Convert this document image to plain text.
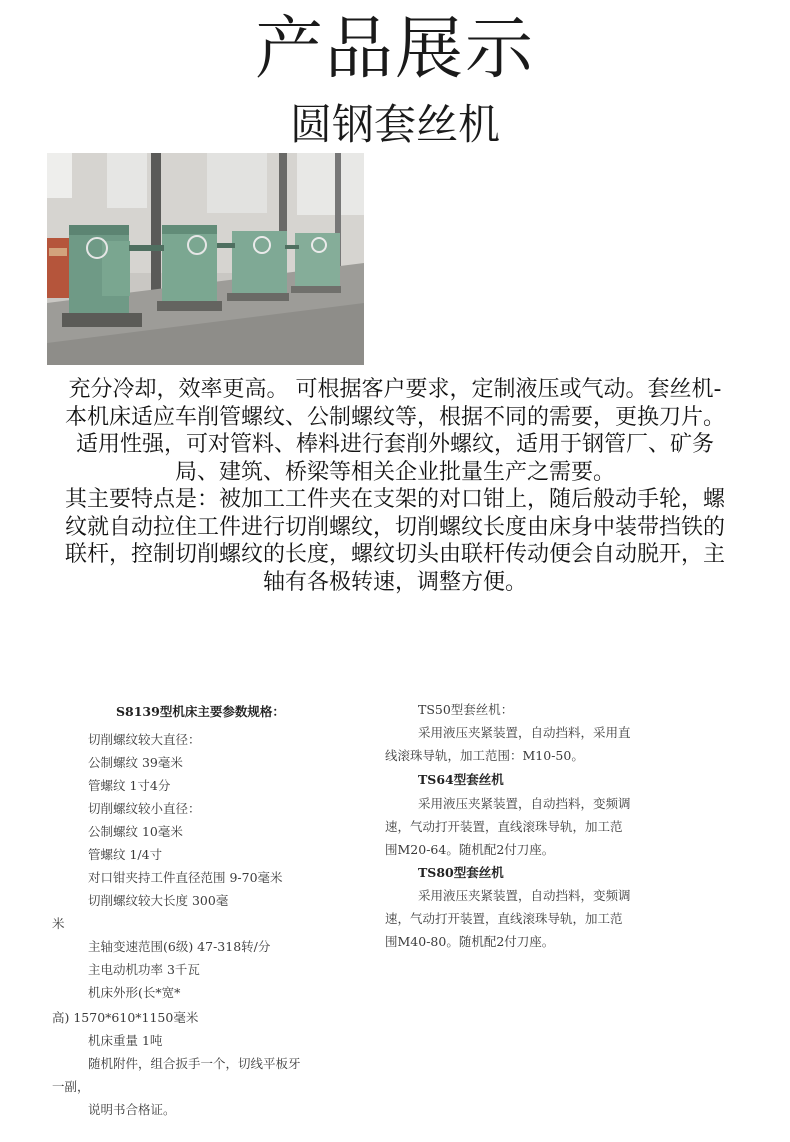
产品展示
圆钢套丝机

充分冷却，效率更高。 可根据客户要求，定制液压或气动。套丝机-本机床适应车削管螺纹、公制螺纹等，根据不同的需要，更换刀片。适用性强，可对管料、棒料进行套削外螺纹，适用于钢管厂、矿务局、建筑、桥梁等相关企业批量生产之需要。

其主要特点是：被加工工件夹在支架的对口钳上，随后般动手轮，螺纹就自动拉住工件进行切削螺纹，切削螺纹长度由床身中装带挡铁的联杆，控制切削螺纹的长度，螺纹切头由联杆传动便会自动脱开，主轴有各极转速，调整方便。

S8139型机床主要参数规格：
切削螺纹较大直径：
公制螺纹 39毫米
管螺纹 1寸4分
切削螺纹较小直径：
公制螺纹 10毫米
管螺纹 1/4寸
对口钳夹持工件直径范围 9-70毫米
切削螺纹较大长度 300毫
米
主轴变速范围(6级) 47-318转/分
主电动机功率 3千瓦
机床外形(长*宽*
高) 1570*610*1150毫米
机床重量 1吨
随机附件，组合扳手一个，切线平板牙
一副，
说明书合格证。
TS50型套丝机：
采用液压夹紧装置，自动挡料，采用直
线滚珠导轨，加工范围：M10-50。
TS64型套丝机
采用液压夹紧装置，自动挡料，变频调
速，气动打开装置，直线滚珠导轨，加工范
围M20-64。随机配2付刀座。
TS80型套丝机
采用液压夹紧装置，自动挡料，变频调
速，气动打开装置，直线滚珠导轨，加工范
围M40-80。随机配2付刀座。
